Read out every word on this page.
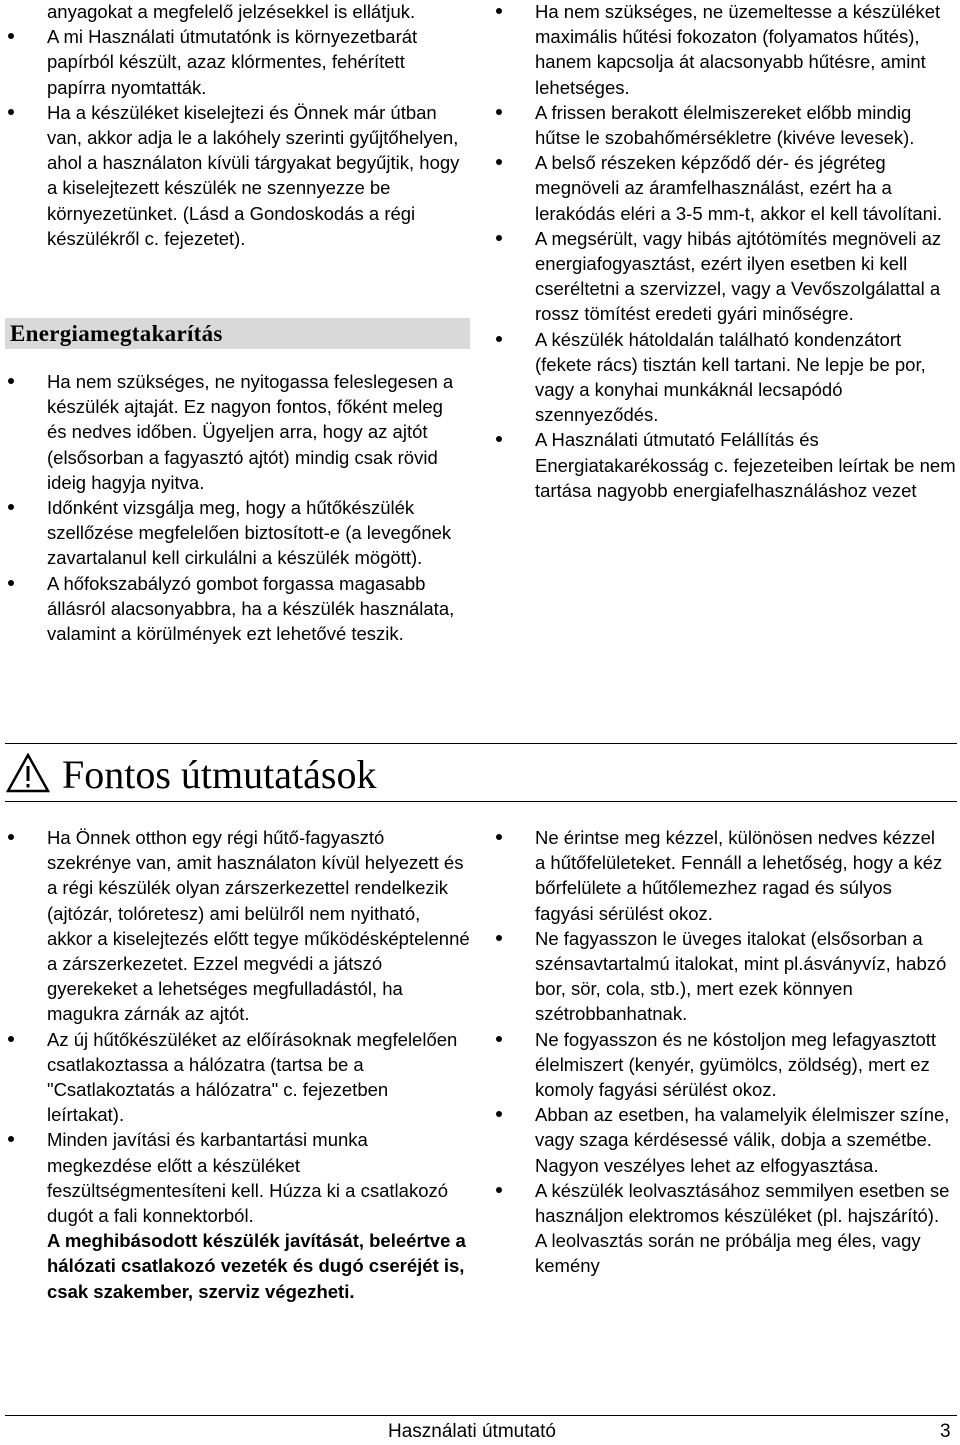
anyagokat a megfelelő jelzésekkel is ellátjuk.

A mi Használati útmutatónk is környezetbarát papírból készült, azaz klórmentes, fehérített papírra nyomtatták.
Ha a készüléket kiselejtezi és Önnek már útban van, akkor adja le a lakóhely szerinti gyűjtőhelyen, ahol a használaton kívüli tárgyakat begyűjtik, hogy a kiselejtezett készülék ne szennyezze be környezetünket. (Lásd a Gondoskodás a régi készülékről c. fejezetet).
Energiamegtakarítás
Ha nem szükséges, ne nyitogassa feleslegesen a készülék ajtaját. Ez nagyon fontos, főként meleg és nedves időben. Ügyeljen arra, hogy az ajtót (elsősorban a fagyasztó ajtót) mindig csak rövid ideig hagyja nyitva.
Időnként vizsgálja meg, hogy a hűtőkészülék szellőzése megfelelően biztosított-e (a levegőnek zavartalanul kell cirkulálni a készülék mögött).
A hőfokszabályzó gombot forgassa magasabb állásról alacsonyabbra, ha a készülék használata, valamint a körülmények ezt lehetővé teszik.
Ha nem szükséges, ne üzemeltesse a készüléket maximális hűtési fokozaton (folyamatos hűtés), hanem kapcsolja át alacsonyabb hűtésre, amint lehetséges.
A frissen berakott élelmiszereket előbb mindig hűtse le szobahőmérsékletre (kivéve levesek).
A belső részeken képződő dér- és jégréteg megnöveli az áramfelhasználást, ezért ha a lerakódás eléri a 3-5 mm-t, akkor el kell távolítani.
A megsérült, vagy hibás ajtótömítés megnöveli az energiafogyasztást, ezért ilyen esetben ki kell cseréltetni a szervizzel, vagy a Vevőszolgálattal a rossz tömítést eredeti gyári minőségre.
A készülék hátoldalán található kondenzátort (fekete rács) tisztán kell tartani. Ne lepje be por, vagy a konyhai munkáknál lecsapódó szennyeződés.
A Használati útmutató Felállítás és Energiatakarékosság c. fejezeteiben leírtak be nem tartása nagyobb energiafelhasználáshoz vezet
Fontos útmutatások
Ha Önnek otthon egy régi hűtő-fagyasztó szekrénye van, amit használaton kívül helyezett és a régi készülék olyan zárszerkezettel rendelkezik (ajtózár, tolóretesz) ami belülről nem nyitható, akkor a kiselejtezés előtt tegye működésképtelenné a zárszerkezetet. Ezzel megvédi a játszó gyerekeket a lehetséges megfulladástól, ha magukra zárnák az ajtót.
Az új hűtőkészüléket az előírásoknak megfelelően csatlakoztassa a hálózatra (tartsa be a "Csatlakoztatás a hálózatra" c. fejezetben leírtakat).
Minden javítási és karbantartási munka megkezdése előtt a készüléket feszültségmentesíteni kell. Húzza ki a csatlakozó dugót a fali konnektorból.
A meghibásodott készülék javítását, beleértve a hálózati csatlakozó vezeték és dugó cseréjét is, csak szakember, szerviz végezheti.
Ne érintse meg kézzel, különösen nedves kézzel a hűtőfelületeket. Fennáll a lehetőség, hogy a kéz bőrfelülete a hűtőlemezhez ragad és súlyos fagyási sérülést okoz.
Ne fagyasszon le üveges italokat (elsősorban a szénsavtartalmú italokat, mint pl.ásványvíz, habzó bor, sör, cola, stb.), mert ezek könnyen szétrobbanhatnak.
Ne fogyasszon és ne kóstoljon meg lefagyasztott élelmiszert (kenyér, gyümölcs, zöldség), mert ez komoly fagyási sérülést okoz.
Abban az esetben, ha valamelyik élelmiszer színe, vagy szaga kérdésessé válik, dobja a szemétbe. Nagyon veszélyes lehet az elfogyasztása.
A készülék leolvasztásához semmilyen esetben se használjon elektromos készüléket (pl. hajszárító). A leolvasztás során ne próbálja meg éles, vagy kemény
Használati útmutató	3
